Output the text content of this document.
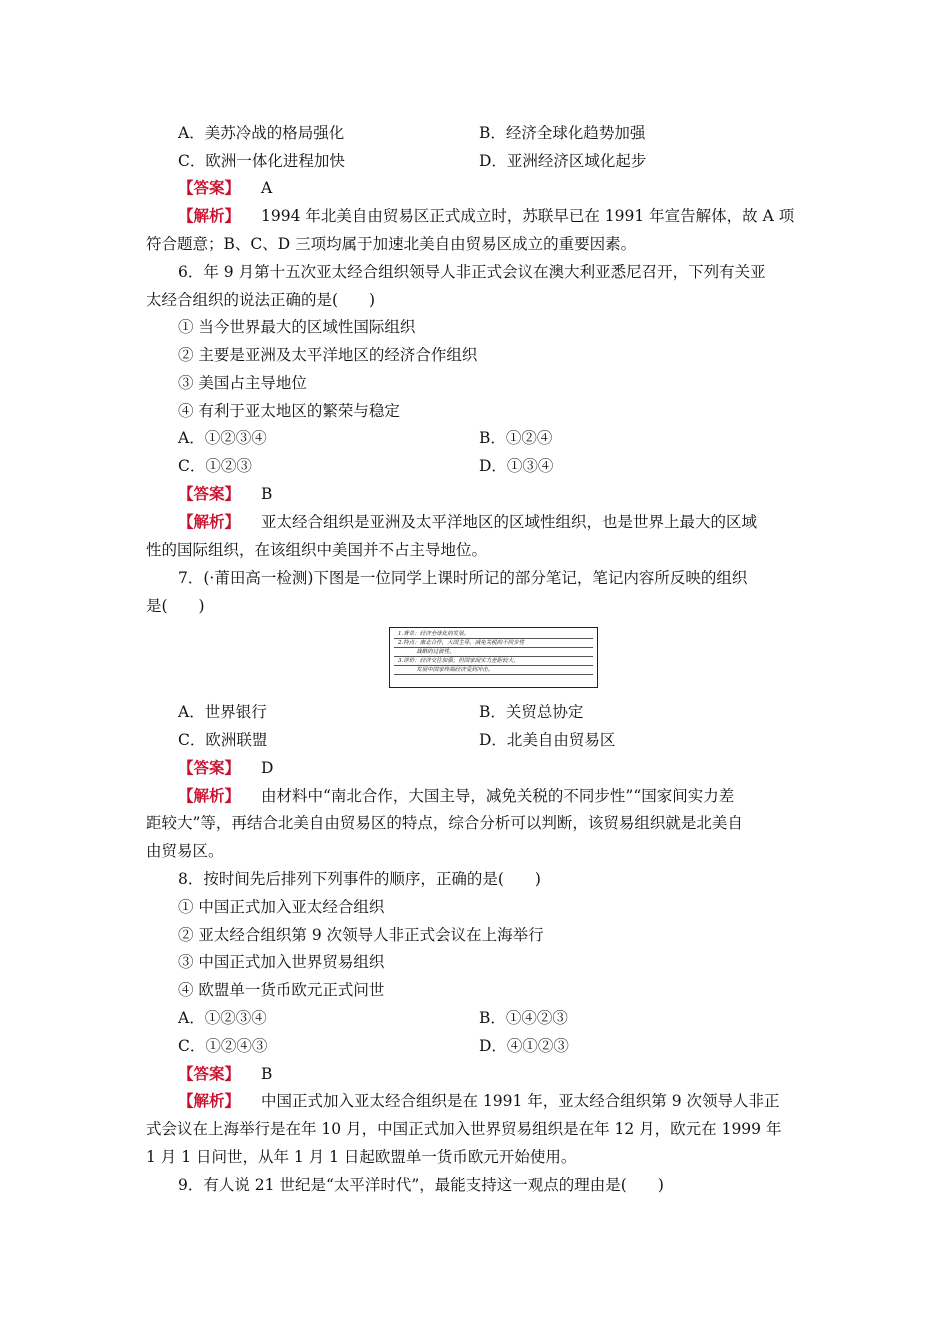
A．美苏冷战的格局强化	B．经济全球化趋势加强
C．欧洲一体化进程加快	D．亚洲经济区域化起步
【答案】 A
【解析】 1994 年北美自由贸易区正式成立时，苏联早已在 1991 年宣告解体，故 A 项
符合题意；B、C、D 三项均属于加速北美自由贸易区成立的重要因素。
6．年 9 月第十五次亚太经合组织领导人非正式会议在澳大利亚悉尼召开，下列有关亚
太经合组织的说法正确的是(　　)
① 当今世界最大的区域性国际组织
② 主要是亚洲及太平洋地区的经济合作组织
③ 美国占主导地位
④ 有利于亚太地区的繁荣与稳定
A．①②③④	B．①②④
C．①②③	D．①③④
【答案】 B
【解析】 亚太经合组织是亚洲及太平洋地区的区域性组织，也是世界上最大的区域
性的国际组织，在该组织中美国并不占主导地位。
7．(·莆田高一检测)下图是一位同学上课时所记的部分笔记，笔记内容所反映的组织
是(　　)
1.背景：经济全球化的发展。
2.特点：南北合作，大国主导，减免关税的不同步性
　　　 战略的过渡性。
3.评价：经济交往加强；但国家间实力差距较大，
　　　 发展中国家终端经济受到冲击。
A．世界银行	B．关贸总协定
C．欧洲联盟	D．北美自由贸易区
【答案】 D
【解析】 由材料中“南北合作，大国主导，减免关税的不同步性”“国家间实力差
距较大”等，再结合北美自由贸易区的特点，综合分析可以判断，该贸易组织就是北美自
由贸易区。
8．按时间先后排列下列事件的顺序，正确的是(　　)
① 中国正式加入亚太经合组织
② 亚太经合组织第 9 次领导人非正式会议在上海举行
③ 中国正式加入世界贸易组织
④ 欧盟单一货币欧元正式问世
A．①②③④	B．①④②③
C．①②④③	D．④①②③
【答案】 B
【解析】 中国正式加入亚太经合组织是在 1991 年，亚太经合组织第 9 次领导人非正
式会议在上海举行是在年 10 月，中国正式加入世界贸易组织是在年 12 月，欧元在 1999 年
1 月 1 日问世，从年 1 月 1 日起欧盟单一货币欧元开始使用。
9．有人说 21 世纪是“太平洋时代”，最能支持这一观点的理由是(　　)
